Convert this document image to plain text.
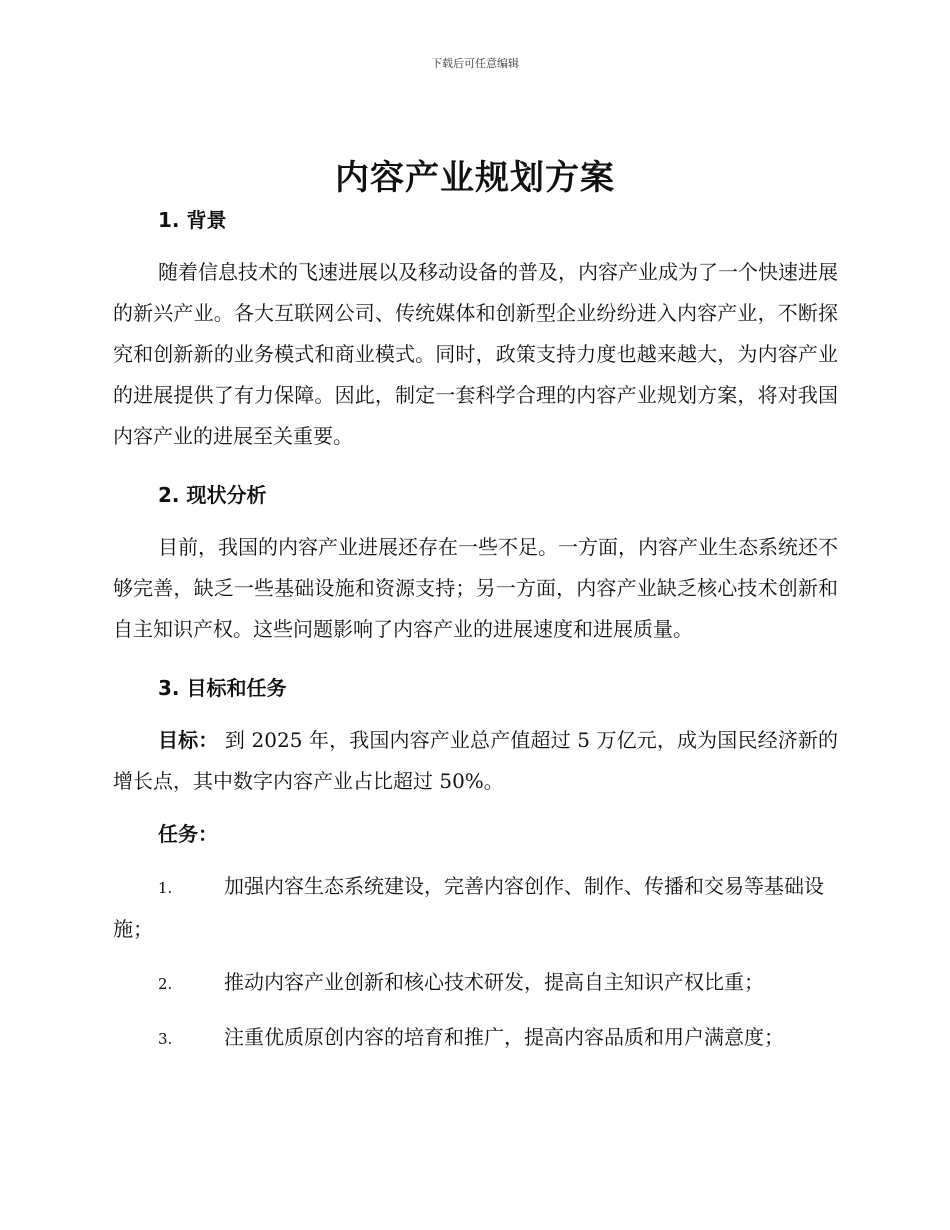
下载后可任意编辑
内容产业规划方案

1. 背景

随着信息技术的飞速进展以及移动设备的普及，内容产业成为了一个快速进展的新兴产业。各大互联网公司、传统媒体和创新型企业纷纷进入内容产业，不断探究和创新新的业务模式和商业模式。同时，政策支持力度也越来越大，为内容产业的进展提供了有力保障。因此，制定一套科学合理的内容产业规划方案，将对我国内容产业的进展至关重要。

2. 现状分析

目前，我国的内容产业进展还存在一些不足。一方面，内容产业生态系统还不够完善，缺乏一些基础设施和资源支持；另一方面，内容产业缺乏核心技术创新和自主知识产权。这些问题影响了内容产业的进展速度和进展质量。

3. 目标和任务

目标： 到 2025 年，我国内容产业总产值超过 5 万亿元，成为国民经济新的增长点，其中数字内容产业占比超过 50%。

任务：

1.	加强内容生态系统建设，完善内容创作、制作、传播和交易等基础设施；

2.	推动内容产业创新和核心技术研发，提高自主知识产权比重；

3.	注重优质原创内容的培育和推广，提高内容品质和用户满意度；
